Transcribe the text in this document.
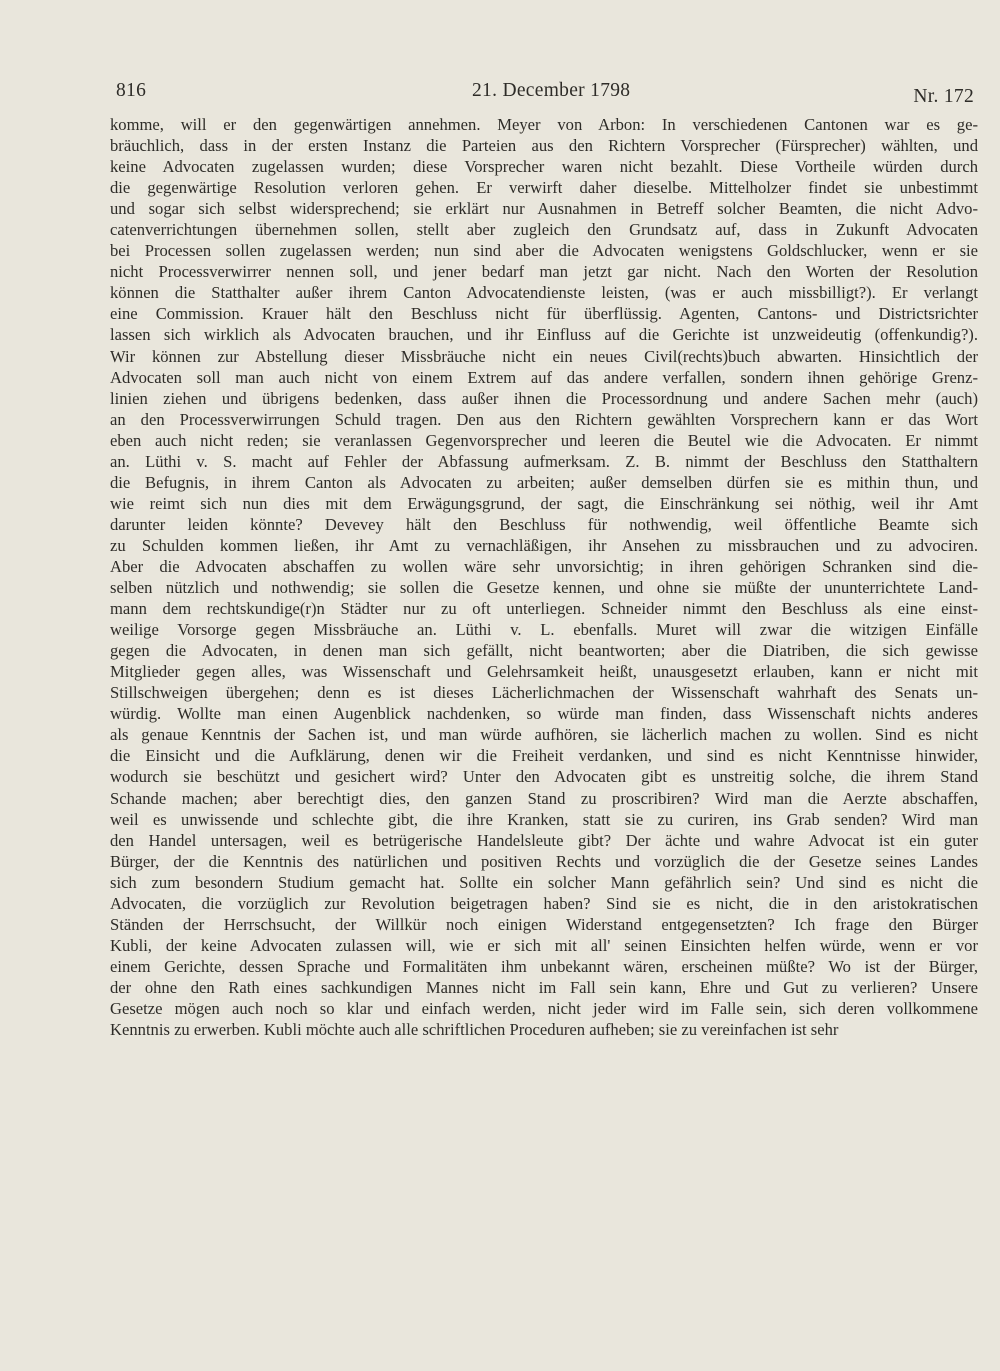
816	21. December 1798	Nr. 172
komme, will er den gegenwärtigen annehmen. Meyer von Arbon: In verschiedenen Cantonen war es ge-
bräuchlich, dass in der ersten Instanz die Parteien aus den Richtern Vorsprecher (Fürsprecher) wählten, und
keine Advocaten zugelassen wurden; diese Vorsprecher waren nicht bezahlt. Diese Vortheile würden durch
die gegenwärtige Resolution verloren gehen. Er verwirft daher dieselbe. Mittelholzer findet sie unbestimmt
und sogar sich selbst widersprechend; sie erklärt nur Ausnahmen in Betreff solcher Beamten, die nicht Advo-
catenverrichtungen übernehmen sollen, stellt aber zugleich den Grundsatz auf, dass in Zukunft Advocaten
bei Processen sollen zugelassen werden; nun sind aber die Advocaten wenigstens Goldschlucker, wenn er sie
nicht Processverwirrer nennen soll, und jener bedarf man jetzt gar nicht. Nach den Worten der Resolution
können die Statthalter außer ihrem Canton Advocatendienste leisten, (was er auch missbilligt?). Er verlangt
eine Commission. Krauer hält den Beschluss nicht für überflüssig. Agenten, Cantons- und Districtsrichter
lassen sich wirklich als Advocaten brauchen, und ihr Einfluss auf die Gerichte ist unzweideutig (offenkundig?).
Wir können zur Abstellung dieser Missbräuche nicht ein neues Civil(rechts)buch abwarten. Hinsichtlich der
Advocaten soll man auch nicht von einem Extrem auf das andere verfallen, sondern ihnen gehörige Grenz-
linien ziehen und übrigens bedenken, dass außer ihnen die Processordnung und andere Sachen mehr (auch)
an den Processverwirrungen Schuld tragen. Den aus den Richtern gewählten Vorsprechern kann er das Wort
eben auch nicht reden; sie veranlassen Gegenvorsprecher und leeren die Beutel wie die Advocaten. Er nimmt
an. Lüthi v. S. macht auf Fehler der Abfassung aufmerksam. Z. B. nimmt der Beschluss den Statthaltern
die Befugnis, in ihrem Canton als Advocaten zu arbeiten; außer demselben dürfen sie es mithin thun, und
wie reimt sich nun dies mit dem Erwägungsgrund, der sagt, die Einschränkung sei nöthig, weil ihr Amt
darunter leiden könnte? Devevey hält den Beschluss für nothwendig, weil öffentliche Beamte sich
zu Schulden kommen ließen, ihr Amt zu vernachläßigen, ihr Ansehen zu missbrauchen und zu advociren.
Aber die Advocaten abschaffen zu wollen wäre sehr unvorsichtig; in ihren gehörigen Schranken sind die-
selben nützlich und nothwendig; sie sollen die Gesetze kennen, und ohne sie müßte der ununterrichtete Land-
mann dem rechtskundige(r)n Städter nur zu oft unterliegen. Schneider nimmt den Beschluss als eine einst-
weilige Vorsorge gegen Missbräuche an. Lüthi v. L. ebenfalls. Muret will zwar die witzigen Einfälle
gegen die Advocaten, in denen man sich gefällt, nicht beantworten; aber die Diatriben, die sich gewisse
Mitglieder gegen alles, was Wissenschaft und Gelehrsamkeit heißt, unausgesetzt erlauben, kann er nicht mit
Stillschweigen übergehen; denn es ist dieses Lächerlichmachen der Wissenschaft wahrhaft des Senats un-
würdig. Wollte man einen Augenblick nachdenken, so würde man finden, dass Wissenschaft nichts anderes
als genaue Kenntnis der Sachen ist, und man würde aufhören, sie lächerlich machen zu wollen. Sind es nicht
die Einsicht und die Aufklärung, denen wir die Freiheit verdanken, und sind es nicht Kenntnisse hinwider,
wodurch sie beschützt und gesichert wird? Unter den Advocaten gibt es unstreitig solche, die ihrem Stand
Schande machen; aber berechtigt dies, den ganzen Stand zu proscribiren? Wird man die Aerzte abschaffen,
weil es unwissende und schlechte gibt, die ihre Kranken, statt sie zu curiren, ins Grab senden? Wird man
den Handel untersagen, weil es betrügerische Handelsleute gibt? Der ächte und wahre Advocat ist ein guter
Bürger, der die Kenntnis des natürlichen und positiven Rechts und vorzüglich die der Gesetze seines Landes
sich zum besondern Studium gemacht hat. Sollte ein solcher Mann gefährlich sein? Und sind es nicht die
Advocaten, die vorzüglich zur Revolution beigetragen haben? Sind sie es nicht, die in den aristokratischen
Ständen der Herrschsucht, der Willkür noch einigen Widerstand entgegensetzten? Ich frage den Bürger
Kubli, der keine Advocaten zulassen will, wie er sich mit all' seinen Einsichten helfen würde, wenn er vor
einem Gerichte, dessen Sprache und Formalitäten ihm unbekannt wären, erscheinen müßte? Wo ist der Bürger,
der ohne den Rath eines sachkundigen Mannes nicht im Fall sein kann, Ehre und Gut zu verlieren? Unsere
Gesetze mögen auch noch so klar und einfach werden, nicht jeder wird im Falle sein, sich deren vollkommene
Kenntnis zu erwerben. Kubli möchte auch alle schriftlichen Proceduren aufheben; sie zu vereinfachen ist sehr
